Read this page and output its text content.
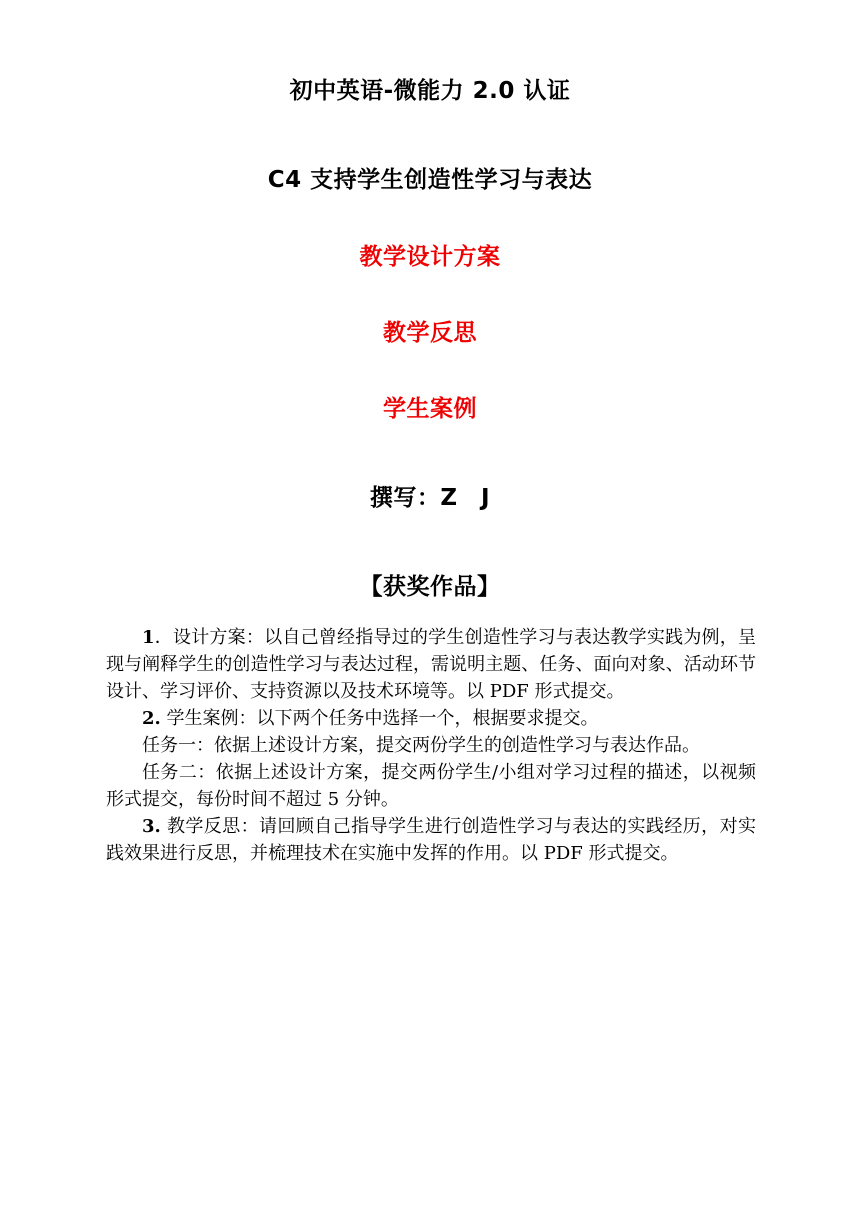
初中英语-微能力 2.0 认证
C4 支持学生创造性学习与表达
教学设计方案
教学反思
学生案例
撰写：Z　J
【获奖作品】

1．设计方案：以自己曾经指导过的学生创造性学习与表达教学实践为例，呈现与阐释学生的创造性学习与表达过程，需说明主题、任务、面向对象、活动环节设计、学习评价、支持资源以及技术环境等。以 PDF 形式提交。

2. 学生案例：以下两个任务中选择一个，根据要求提交。

任务一：依据上述设计方案，提交两份学生的创造性学习与表达作品。

任务二：依据上述设计方案，提交两份学生/小组对学习过程的描述，以视频形式提交，每份时间不超过 5 分钟。

3. 教学反思：请回顾自己指导学生进行创造性学习与表达的实践经历，对实践效果进行反思，并梳理技术在实施中发挥的作用。以 PDF 形式提交。
